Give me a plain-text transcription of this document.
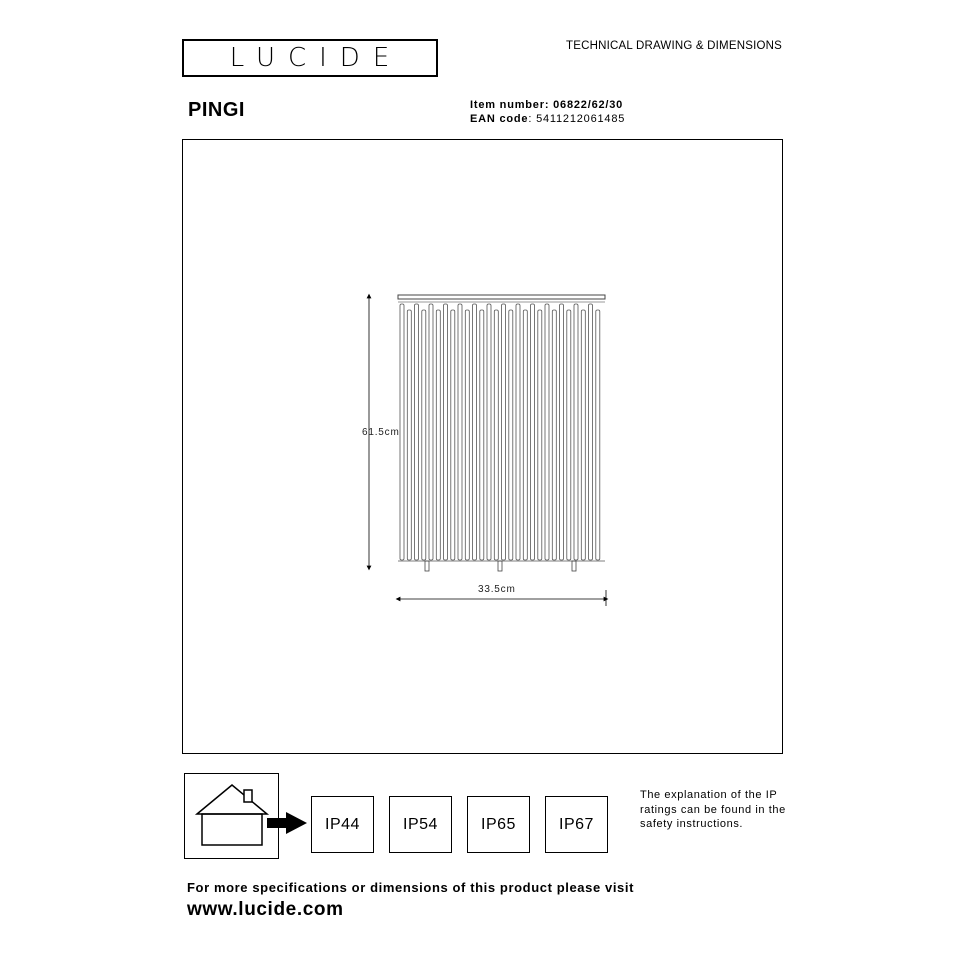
LUCIDE	TECHNICAL DRAWING & DIMENSIONS
PINGI	Item number: 06822/62/30
EAN code: 5411212061485
61.5cm
33.5cm
IP44	IP54	IP65	IP67
The explanation of the IP ratings can be found in the safety instructions.
For more specifications or dimensions of this product please visit
www.lucide.com
